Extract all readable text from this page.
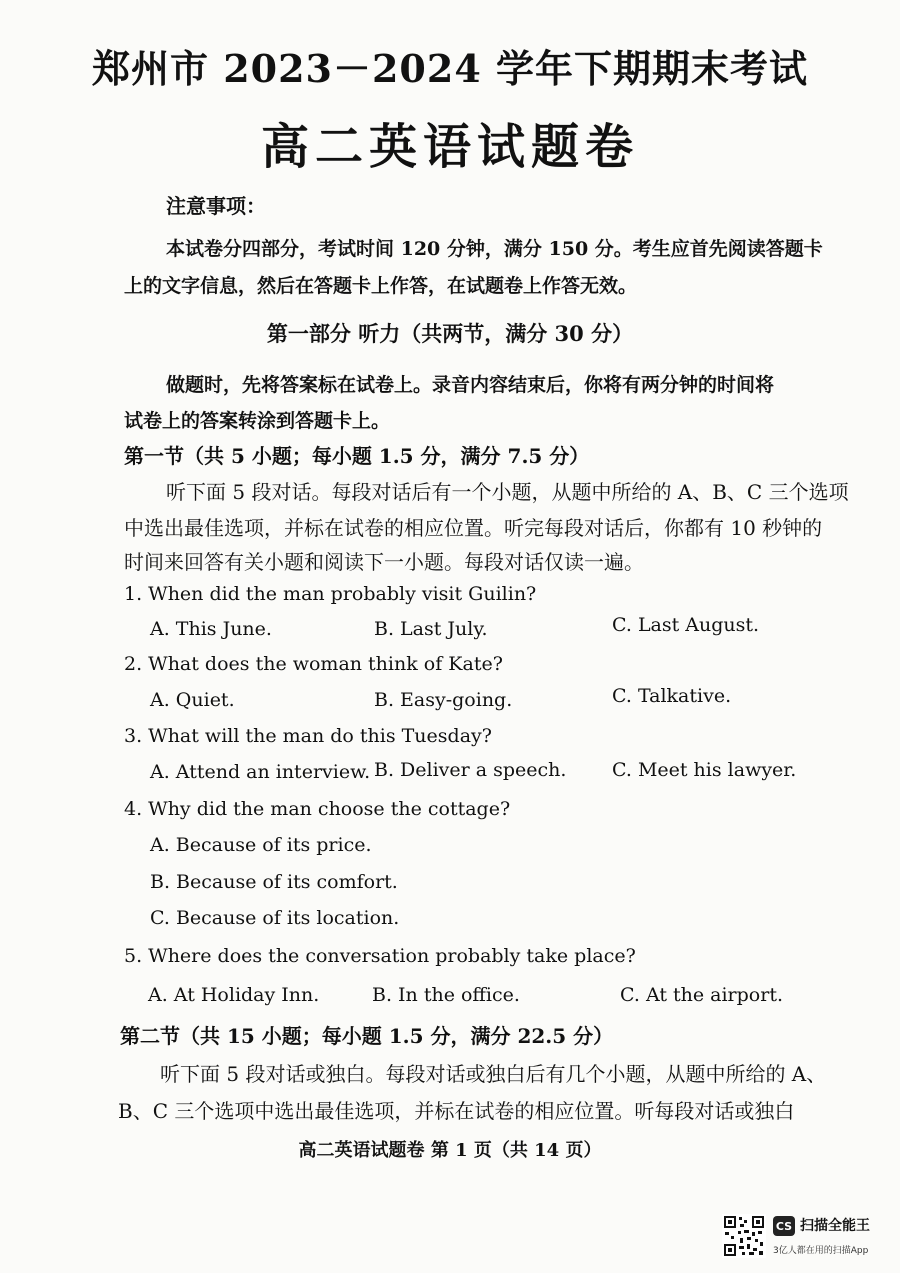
郑州市 2023－2024 学年下期期末考试
高二英语试题卷
注意事项：
本试卷分四部分，考试时间 120 分钟，满分 150 分。考生应首先阅读答题卡
上的文字信息，然后在答题卡上作答，在试题卷上作答无效。
第一部分 听力（共两节，满分 30 分）
做题时，先将答案标在试卷上。录音内容结束后，你将有两分钟的时间将
试卷上的答案转涂到答题卡上。
第一节（共 5 小题；每小题 1.5 分，满分 7.5 分）
听下面 5 段对话。每段对话后有一个小题，从题中所给的 A、B、C 三个选项
中选出最佳选项，并标在试卷的相应位置。听完每段对话后，你都有 10 秒钟的
时间来回答有关小题和阅读下一小题。每段对话仅读一遍。
1. When did the man probably visit Guilin?
A. This June.	B. Last July.	C. Last August.
2. What does the woman think of Kate?
A. Quiet.	B. Easy-going.	C. Talkative.
3. What will the man do this Tuesday?
A. Attend an interview. B. Deliver a speech. C. Meet his lawyer.
4. Why did the man choose the cottage?
A. Because of its price.
B. Because of its comfort.
C. Because of its location.
5. Where does the conversation probably take place?
A. At Holiday Inn.	B. In the office.	C. At the airport.
第二节（共 15 小题；每小题 1.5 分，满分 22.5 分）
听下面 5 段对话或独白。每段对话或独白后有几个小题，从题中所给的 A、
B、C 三个选项中选出最佳选项，并标在试卷的相应位置。听每段对话或独白
高二英语试题卷 第 1 页（共 14 页）
CS 扫描全能王
3亿人都在用的扫描App
